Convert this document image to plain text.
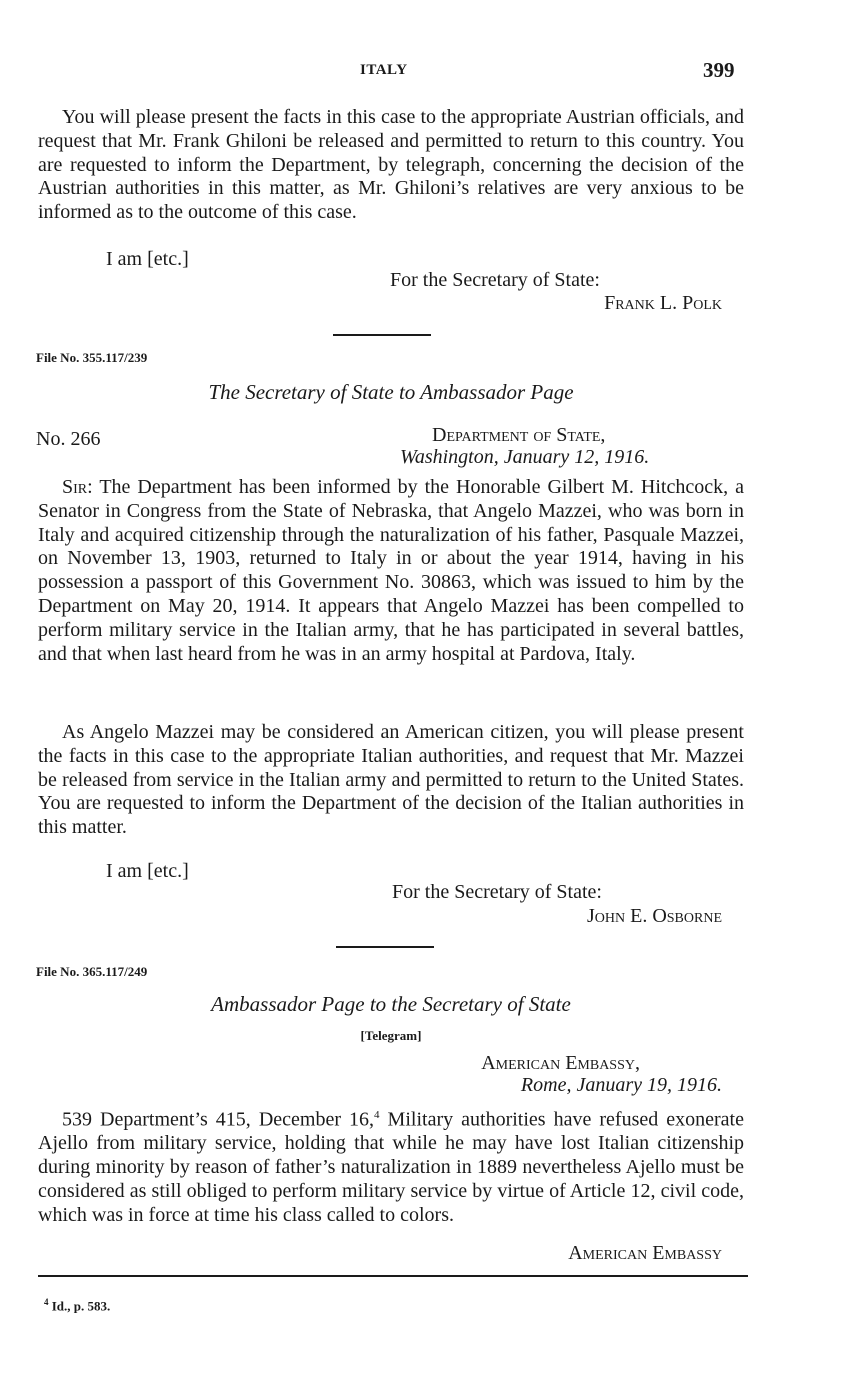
ITALY	399
You will please present the facts in this case to the appropriate Austrian officials, and request that Mr. Frank Ghiloni be released and permitted to return to this country. You are requested to inform the Department, by telegraph, concerning the decision of the Austrian authorities in this matter, as Mr. Ghiloni’s relatives are very anxious to be informed as to the outcome of this case.
I am [etc.]
For the Secretary of State:
Frank L. Polk
File No. 355.117/239
The Secretary of State to Ambassador Page
No. 266	Department of State,
Washington, January 12, 1916.
Sir: The Department has been informed by the Honorable Gilbert M. Hitchcock, a Senator in Congress from the State of Nebraska, that Angelo Mazzei, who was born in Italy and acquired citizenship through the naturalization of his father, Pasquale Mazzei, on November 13, 1903, returned to Italy in or about the year 1914, having in his possession a passport of this Government No. 30863, which was issued to him by the Department on May 20, 1914. It appears that Angelo Mazzei has been compelled to perform military service in the Italian army, that he has participated in several battles, and that when last heard from he was in an army hospital at Pardova, Italy.
As Angelo Mazzei may be considered an American citizen, you will please present the facts in this case to the appropriate Italian authorities, and request that Mr. Mazzei be released from service in the Italian army and permitted to return to the United States. You are requested to inform the Department of the decision of the Italian authorities in this matter.
I am [etc.]
For the Secretary of State:
John E. Osborne
File No. 365.117/249
Ambassador Page to the Secretary of State
[Telegram]
American Embassy,
Rome, January 19, 1916.
539 Department’s 415, December 16,$^4$ Military authorities have refused exonerate Ajello from military service, holding that while he may have lost Italian citizenship during minority by reason of father’s naturalization in 1889 nevertheless Ajello must be considered as still obliged to perform military service by virtue of Article 12, civil code, which was in force at time his class called to colors.
American Embassy
$^4$ Id., p. 583.
